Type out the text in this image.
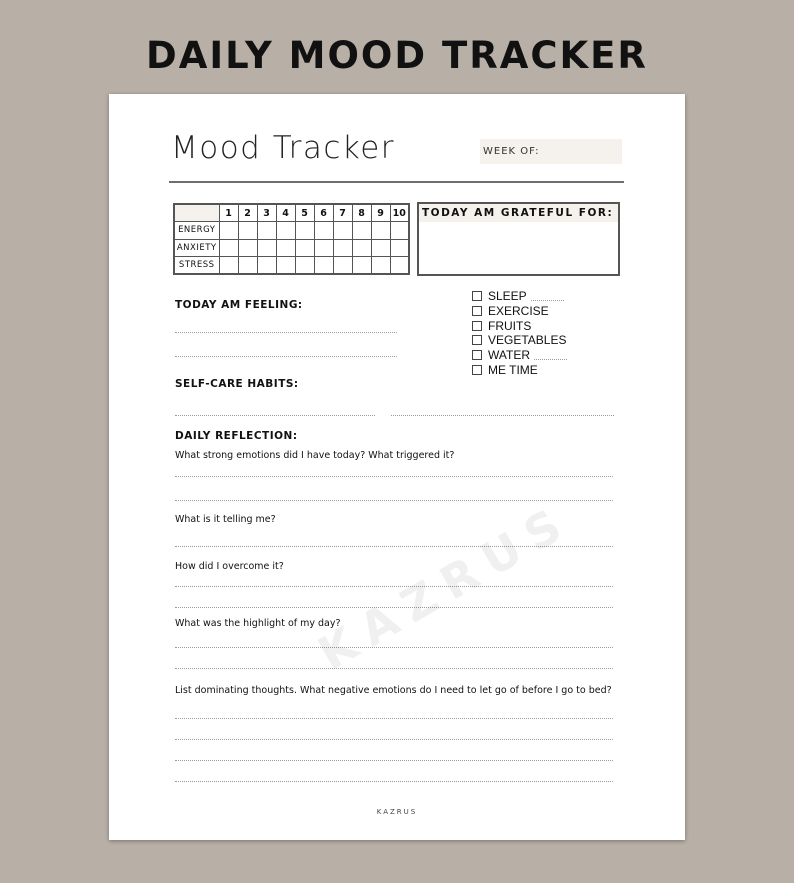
DAILY MOOD TRACKER
Mood Tracker	WEEK OF:
	1	2	3	4	5	6	7	8	9	10
ENERGY										
ANXIETY										
STRESS										
TODAY AM GRATEFUL FOR:
SLEEP
EXERCISE
FRUITS
VEGETABLES
WATER
ME TIME
TODAY AM FEELING:
SELF-CARE HABITS:
DAILY REFLECTION:
What strong emotions did I have today? What triggered it?
What is it telling me?
How did I overcome it?
What was the highlight of my day?
List dominating thoughts. What negative emotions do I need to let go of before I go to bed?
KAZRUS
KAZRUS
